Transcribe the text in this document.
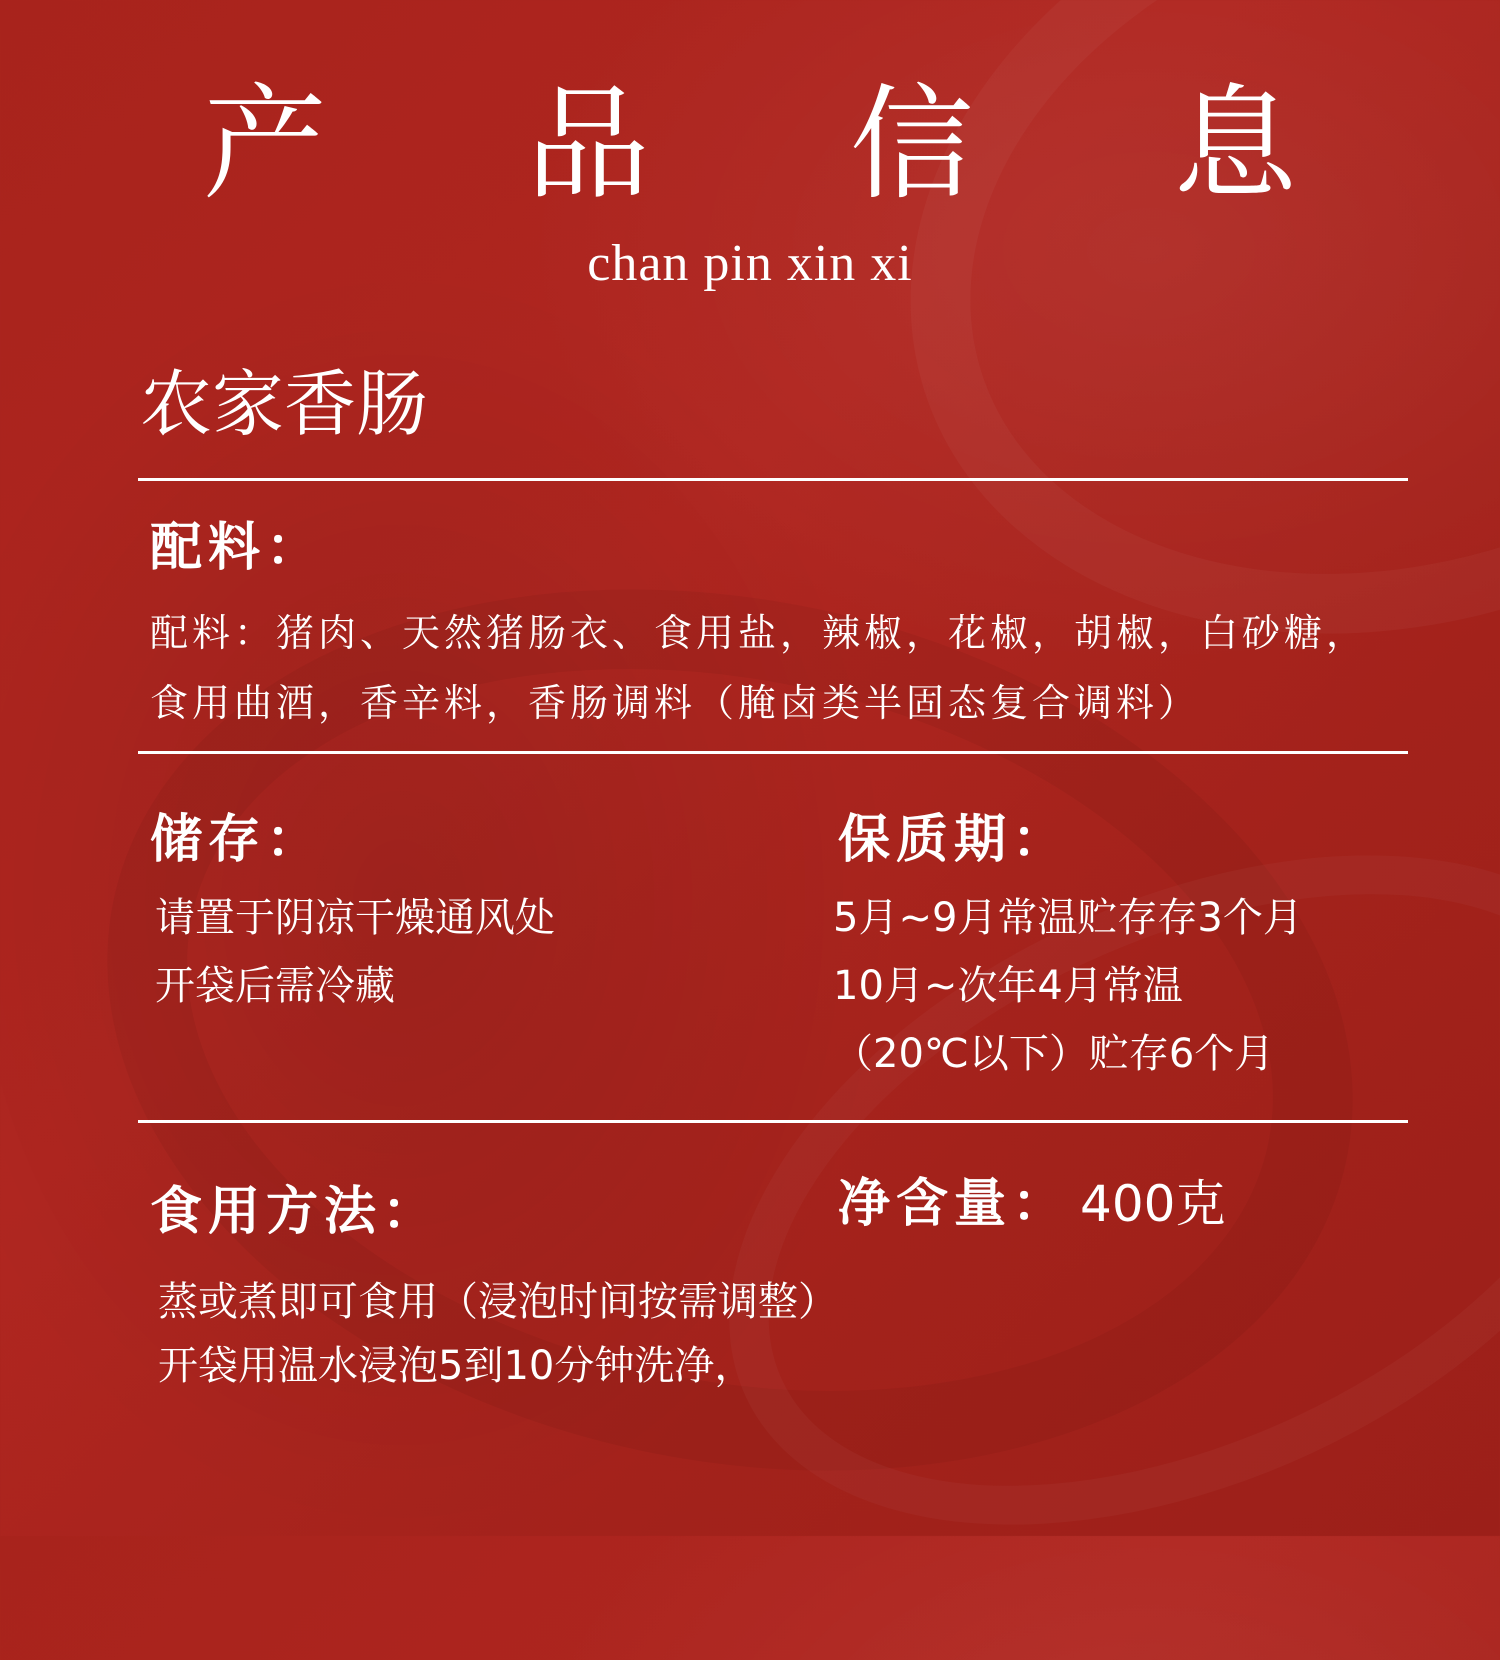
产 品 信 息
chan pin xin xi
农家香肠
配料：
配料：猪肉、天然猪肠衣、食用盐，辣椒，花椒，胡椒，白砂糖，
食用曲酒，香辛料，香肠调料（腌卤类半固态复合调料）
储存：
请置于阴凉干燥通风处
开袋后需冷藏
保质期：
5月~9月常温贮存存3个月
10月~次年4月常温
（20℃以下）贮存6个月
食用方法：
蒸或煮即可食用（浸泡时间按需调整）
开袋用温水浸泡5到10分钟洗净，
净含量： 400克
